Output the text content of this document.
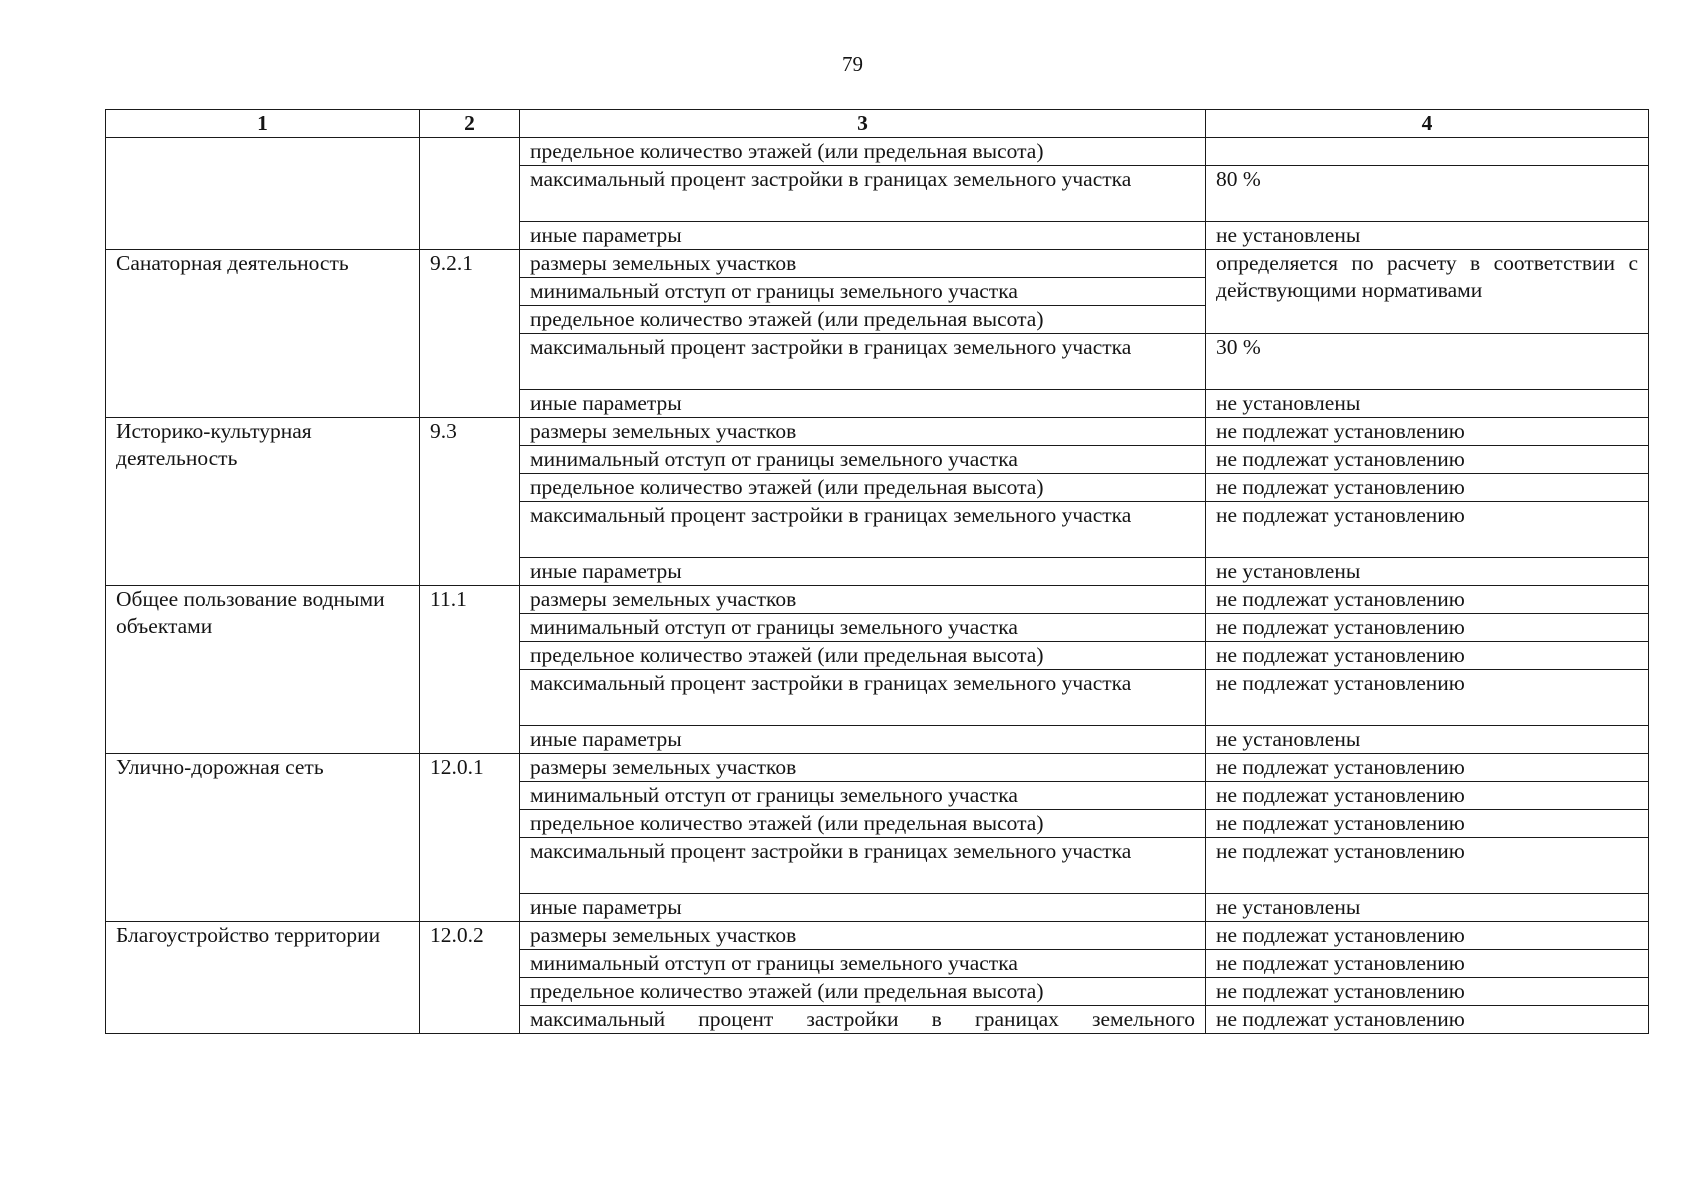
79
1	2	3	4
		предельное количество этажей (или предельная высота)	
		максимальный процент застройки в границах земельного участка	80 %
		иные параметры	не установлены
Санаторная деятельность	9.2.1	размеры земельных участков	определяется по расчету в соответствии с действующими нормативами
		минимальный отступ от границы земельного участка	
		предельное количество этажей (или предельная высота)	
		максимальный процент застройки в границах земельного участка	30 %
		иные параметры	не установлены
Историко-культурная деятельность	9.3	размеры земельных участков	не подлежат установлению
		минимальный отступ от границы земельного участка	не подлежат установлению
		предельное количество этажей (или предельная высота)	не подлежат установлению
		максимальный процент застройки в границах земельного участка	не подлежат установлению
		иные параметры	не установлены
Общее пользование водными объектами	11.1	размеры земельных участков	не подлежат установлению
		минимальный отступ от границы земельного участка	не подлежат установлению
		предельное количество этажей (или предельная высота)	не подлежат установлению
		максимальный процент застройки в границах земельного участка	не подлежат установлению
		иные параметры	не установлены
Улично-дорожная сеть	12.0.1	размеры земельных участков	не подлежат установлению
		минимальный отступ от границы земельного участка	не подлежат установлению
		предельное количество этажей (или предельная высота)	не подлежат установлению
		максимальный процент застройки в границах земельного участка	не подлежат установлению
		иные параметры	не установлены
Благоустройство территории	12.0.2	размеры земельных участков	не подлежат установлению
		минимальный отступ от границы земельного участка	не подлежат установлению
		предельное количество этажей (или предельная высота)	не подлежат установлению
		максимальный процент застройки в границах земельного	не подлежат установлению
